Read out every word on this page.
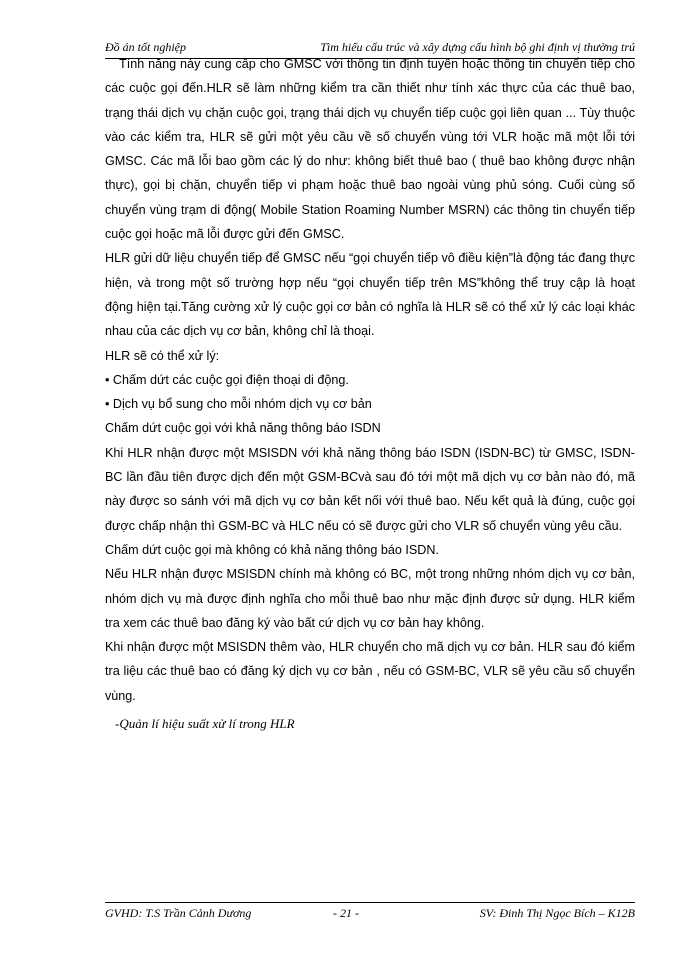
Đồ án tốt nghiệp	Tìm hiểu cấu trúc và xây dựng cấu hình bộ ghi định vị thường trú

Tính năng này cung cấp cho GMSC với thông tin định tuyến hoặc thông tin chuyển tiếp cho các cuộc gọi đến.HLR sẽ làm những kiểm tra cần thiết như tính xác thực của các thuê bao, trạng thái dịch vụ chặn cuộc gọi, trạng thái dịch vụ chuyển tiếp cuộc gọi liên quan ... Tùy thuộc vào các kiểm tra, HLR sẽ gửi một yêu cầu về số chuyển vùng tới VLR hoặc mã một lỗi tới GMSC. Các mã lỗi bao gồm các lý do như: không biết thuê bao ( thuê bao không được nhận thực), gọi bị chặn, chuyển tiếp vi phạm hoặc thuê bao ngoài vùng phủ sóng. Cuối cùng số chuyển vùng trạm di động( Mobile Station Roaming Number MSRN) các thông tin chuyển tiếp cuộc gọi hoặc mã lỗi được gửi đến GMSC.

HLR gửi dữ liệu chuyển tiếp để GMSC nếu “gọi chuyển tiếp vô điều kiện”là động tác đang thực hiện, và trong một số trường hợp nếu “gọi chuyển tiếp trên MS”không thể truy cập là hoạt động hiện tại.Tăng cường xử lý cuộc gọi cơ bản có nghĩa là HLR sẽ có thể xử lý các loại khác nhau của các dịch vụ cơ bản, không chỉ là thoại.

HLR sẽ có thể xử lý:

• Chấm dứt các cuộc gọi điện thoại di động.

• Dịch vụ bổ sung cho mỗi nhóm dịch vụ cơ bản

Chấm dứt cuộc gọi với khả năng thông báo ISDN

Khi HLR nhận được một MSISDN với khả năng thông báo ISDN (ISDN-BC) từ GMSC, ISDN-BC lần đầu tiên được dịch đến một GSM-BCvà sau đó tới một mã dịch vụ cơ bản nào đó, mã này được so sánh với mã dịch vụ cơ bản kết nối với thuê bao. Nếu kết quả là đúng, cuộc gọi được chấp nhận thì GSM-BC và HLC nếu có sẽ được gửi cho VLR số chuyển vùng yêu cầu.

Chấm dứt cuộc gọi mà không có khả năng thông báo ISDN.

Nếu HLR nhận được MSISDN chính mà không có BC, một trong những nhóm dịch vụ cơ bản, nhóm dịch vụ mà được định nghĩa cho mỗi thuê bao như mặc định được sử dụng. HLR kiểm tra xem các thuê bao đăng ký vào bất cứ dịch vụ cơ bản hay không.

Khi nhận được một MSISDN thêm vào, HLR chuyển cho mã dịch vụ cơ bản. HLR sau đó kiểm tra liệu các thuê bao có đăng ký dịch vụ cơ bản , nếu có GSM-BC, VLR sẽ yêu cầu số chuyển vùng.

-Quản lí hiệu suất xử lí trong HLR

GVHD: T.S Trần Cảnh Dương	- 21 -	SV: Đinh Thị Ngọc Bích – K12B
